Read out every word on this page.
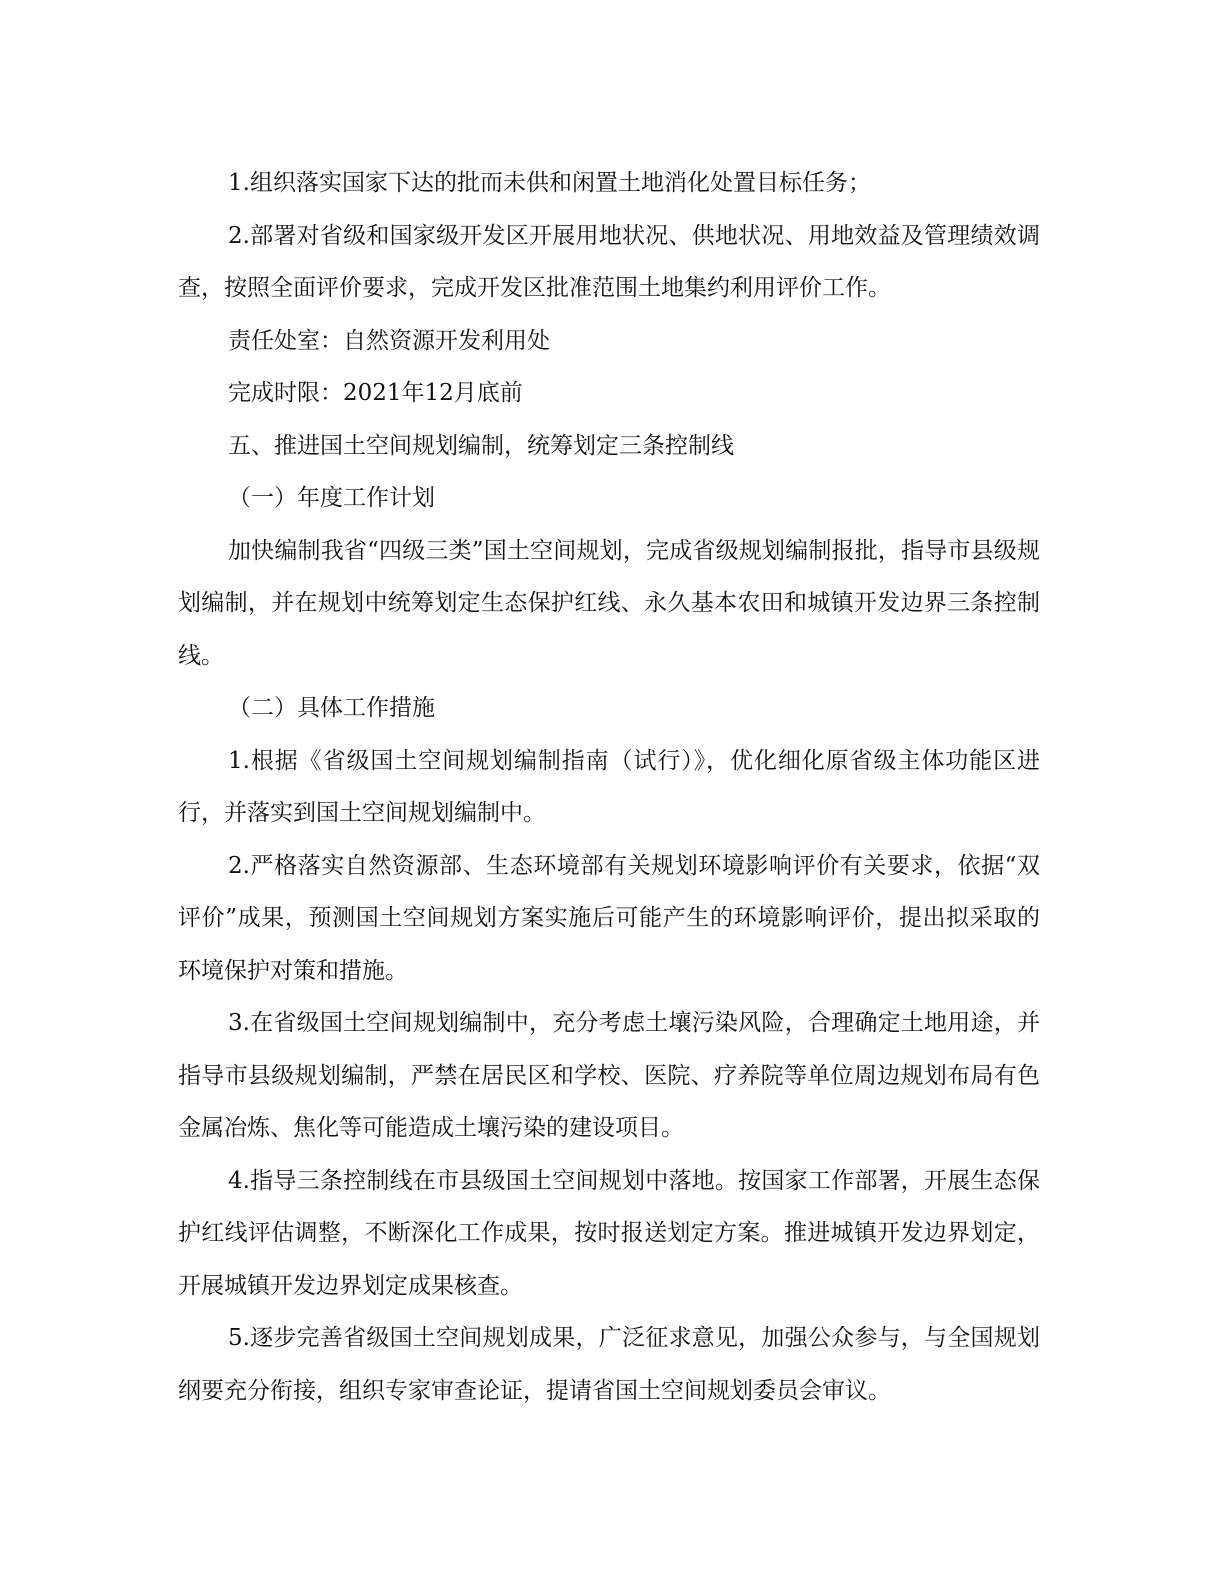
1.组织落实国家下达的批而未供和闲置土地消化处置目标任务；

2.部署对省级和国家级开发区开展用地状况、供地状况、用地效益及管理绩效调查，按照全面评价要求，完成开发区批准范围土地集约利用评价工作。

责任处室：自然资源开发利用处

完成时限：2021年12月底前

五、推进国土空间规划编制，统筹划定三条控制线

（一）年度工作计划

加快编制我省“四级三类”国土空间规划，完成省级规划编制报批，指导市县级规划编制，并在规划中统筹划定生态保护红线、永久基本农田和城镇开发边界三条控制线。

（二）具体工作措施

1.根据《省级国土空间规划编制指南（试行）》，优化细化原省级主体功能区进行，并落实到国土空间规划编制中。

2.严格落实自然资源部、生态环境部有关规划环境影响评价有关要求，依据“双评价”成果，预测国土空间规划方案实施后可能产生的环境影响评价，提出拟采取的环境保护对策和措施。

3.在省级国土空间规划编制中，充分考虑土壤污染风险，合理确定土地用途，并指导市县级规划编制，严禁在居民区和学校、医院、疗养院等单位周边规划布局有色金属冶炼、焦化等可能造成土壤污染的建设项目。

4.指导三条控制线在市县级国土空间规划中落地。按国家工作部署，开展生态保护红线评估调整，不断深化工作成果，按时报送划定方案。推进城镇开发边界划定，开展城镇开发边界划定成果核查。

5.逐步完善省级国土空间规划成果，广泛征求意见，加强公众参与，与全国规划纲要充分衔接，组织专家审查论证，提请省国土空间规划委员会审议。
